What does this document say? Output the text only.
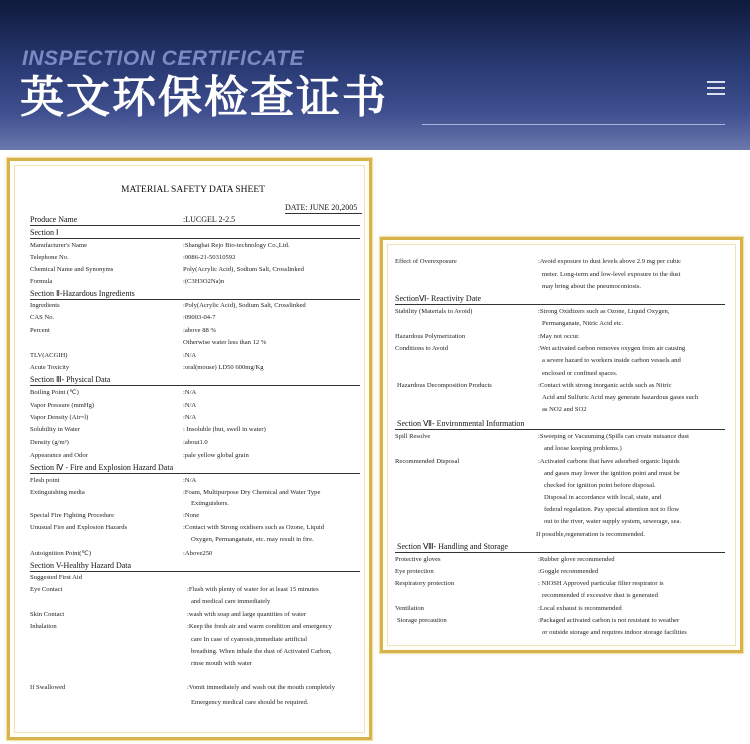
INSPECTION CERTIFICATE
英文环保检查证书
MATERIAL SAFETY DATA SHEET
DATE: JUNE 20,2005
Produce Name	:LUCGEL 2-2.5
Section Ⅰ
Manufacturer's Name	:Shanghai Rejo Bio-technology Co.,Ltd.
Telephone No.	:0086-21-50310592
Chemical Name and Synonyms	Poly(Acrylic Acid), Sodium Salt, Crosslinked
Formula	:(C3H3O2Na)n
Section Ⅱ-Hazardous Ingredients
Ingredients	:Poly(Acrylic Acid), Sodium Salt, Crosslinked
CAS No.	:09003-04-7
Percent	:above 88 %
Otherwise water less than 12 %
TLV(ACGIH)	:N/A
Acute Toxicity	:oral(mouse) LD50 600mg/Kg
Section Ⅲ- Physical Data
Boiling Point (℃)	:N/A
Vapor Pressure (mmHg)	:N/A
Vapor Density (Air=l)	:N/A
Solubility in Water	: Insoluble (but, swell in water)
Density (g/m³)	:about1.0
Appearance and Odor	:pale yellow global grain
Section Ⅳ - Fire and Explosion Hazard Data
Flesh point	:N/A
Extinguishing media	:Foam, Multipurpose Dry Chemical and Water Type
Extinguishers.
Special Fire Fighting Procedure	:None
Unusual Fire and Explosion Hazards	:Contact with Strong oxidisers such as Ozone, Liquid
Oxygen, Permanganate, etc. may result in fire.
Autoignition Point(℃)	:Above250
Section V-Healthy Hazard Data
Suggested First Aid
Eye Contact	:Flush with plenty of water for at least 15 minutes
and medical care immediately
Skin Contact	:wash with soap and large quantities of water
Inhalation	:Keep the fresh air and warm condition and emergency
care In case of cyanosis,immediate artificial
breathing. When inhale the dust of Activated Carbon,
rinse mouth with water
If Swallowed	:Vomit immediately and wash out the mouth completely
Emergency medical care should be required.
Effect of Overexposure	:Avoid exposure to dust levels above 2.9 mg per cubic
meter. Long-term and low-level exposure to the dust
may bring about the pneumoconiosis.
SectionⅥ- Reactivity Date
Stability (Materials to Avoid)	:Strong Oxidizers such as Ozone, Liquid Oxygen,
Permanganate, Nitric Acid etc.
Hazardous Polymerization	:May not occur.
Conditions to Avoid	:Wet activated carbon removes oxygen from air causing
a severe hazard to workers inside carbon vessels and
enclosed or confined spaces.
Hazardous Decomposition Products	:Contact with strong inorganic acids such as Nitric
Acid and Sulfuric Acid may generate hazardous gases such
as NO2 and SO2
Section Ⅶ- Environmental Information
Spill Resolve	:Sweeping or Vacuuming (Spills can create nuisance dust
and loose keeping problems.)
Recommended Disposal	:Activated carbons that have adsorbed organic liquids
and gases may lower the ignition point and must be
checked for ignition point before disposal.
Disposal in accordance with local, state, and
federal regulation. Pay special attention not to flow
out to the river, water supply system, sewerage, sea.
If possible,regeneration is recommended.
Section Ⅷ- Handling and Storage
Protective gloves	:Rubber glove recommended
Eye protection	:Goggle recommended
Respiratory protection	: NIOSH Approved particular filter respirator is
recommended if excessive dust is generated
Ventilation	:Local exhaust is recommended
Storage precaution	:Packaged activated carbon is not resistant to weather
or outside storage and requires indoor storage facilities
